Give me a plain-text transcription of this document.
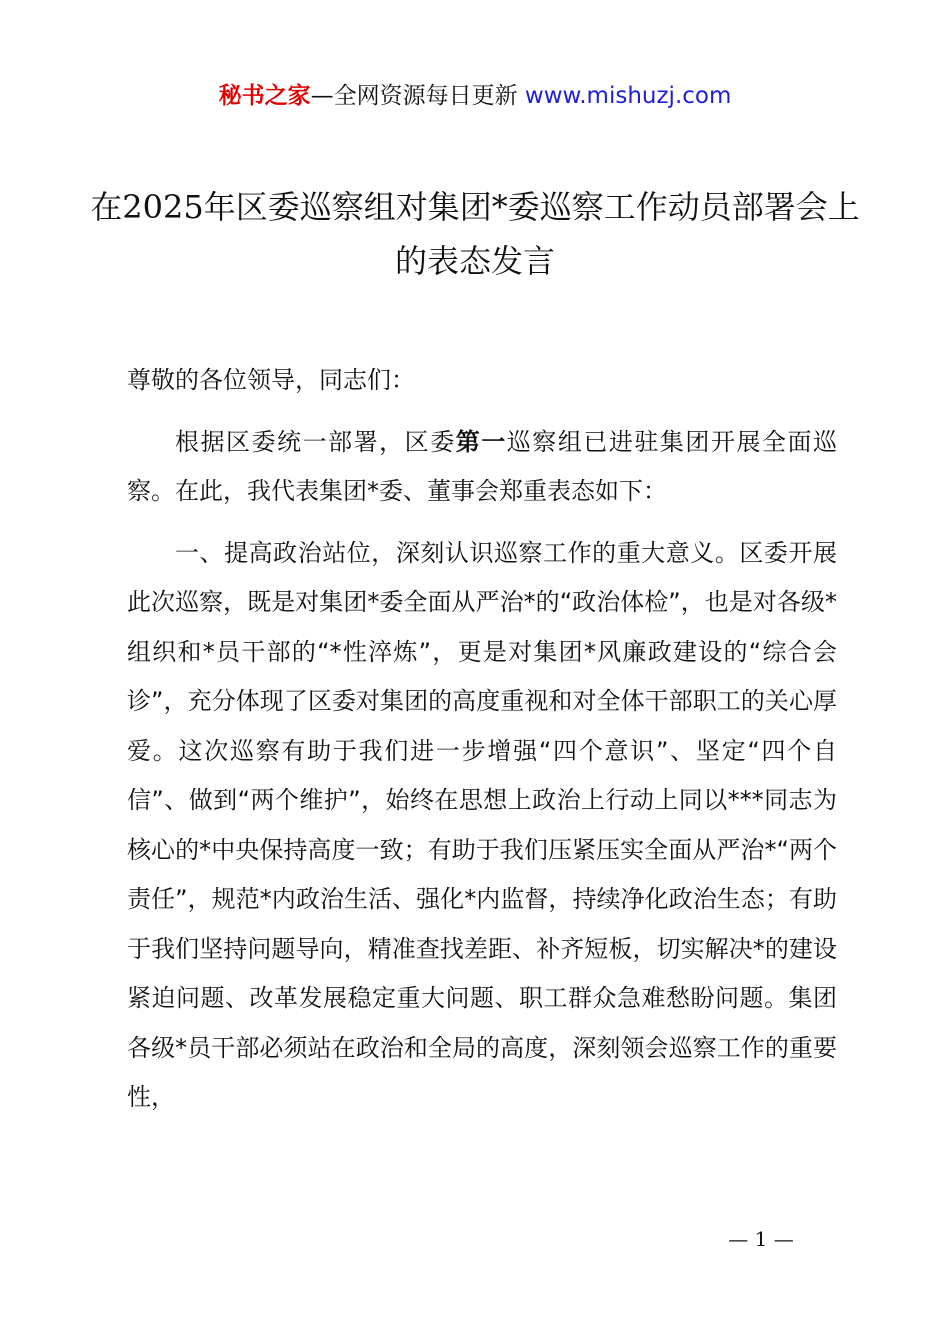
秘书之家—全网资源每日更新 www.mishuzj.com
在2025年区委巡察组对集团*委巡察工作动员部署会上的表态发言

尊敬的各位领导，同志们：

根据区委统一部署，区委第一巡察组已进驻集团开展全面巡察。在此，我代表集团*委、董事会郑重表态如下：

一、提高政治站位，深刻认识巡察工作的重大意义。区委开展此次巡察，既是对集团*委全面从严治*的“政治体检”，也是对各级*组织和*员干部的“*性淬炼”，更是对集团*风廉政建设的“综合会诊”，充分体现了区委对集团的高度重视和对全体干部职工的关心厚爱。这次巡察有助于我们进一步增强“四个意识”、坚定“四个自信”、做到“两个维护”，始终在思想上政治上行动上同以***同志为核心的*中央保持高度一致；有助于我们压紧压实全面从严治*“两个责任”，规范*内政治生活、强化*内监督，持续净化政治生态；有助于我们坚持问题导向，精准查找差距、补齐短板，切实解决*的建设紧迫问题、改革发展稳定重大问题、职工群众急难愁盼问题。集团各级*员干部必须站在政治和全局的高度，深刻领会巡察工作的重要性，

— 1 —
